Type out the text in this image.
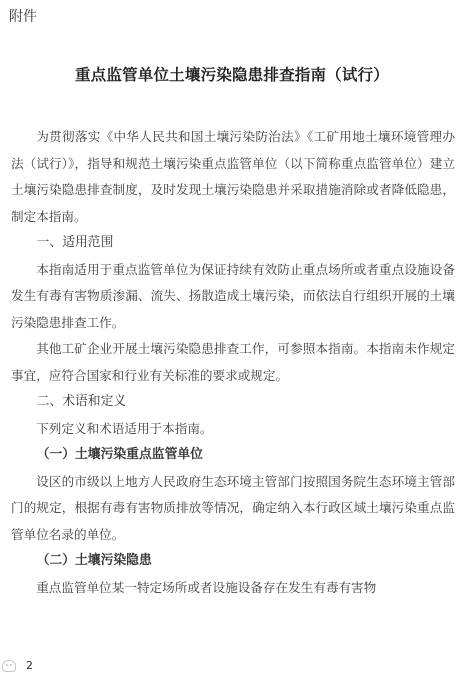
附件
重点监管单位土壤污染隐患排查指南（试行）

为贯彻落实《中华人民共和国土壤污染防治法》《工矿用地土壤环境管理办法（试行）》，指导和规范土壤污染重点监管单位（以下简称重点监管单位）建立土壤污染隐患排查制度，及时发现土壤污染隐患并采取措施消除或者降低隐患，制定本指南。

一、适用范围

本指南适用于重点监管单位为保证持续有效防止重点场所或者重点设施设备发生有毒有害物质渗漏、流失、扬散造成土壤污染，而依法自行组织开展的土壤污染隐患排查工作。

其他工矿企业开展土壤污染隐患排查工作，可参照本指南。本指南未作规定事宜，应符合国家和行业有关标准的要求或规定。

二、术语和定义

下列定义和术语适用于本指南。

（一）土壤污染重点监管单位

设区的市级以上地方人民政府生态环境主管部门按照国务院生态环境主管部门的规定，根据有毒有害物质排放等情况，确定纳入本行政区域土壤污染重点监管单位名录的单位。

（二）土壤污染隐患

重点监管单位某一特定场所或者设施设备存在发生有毒有害物

2
